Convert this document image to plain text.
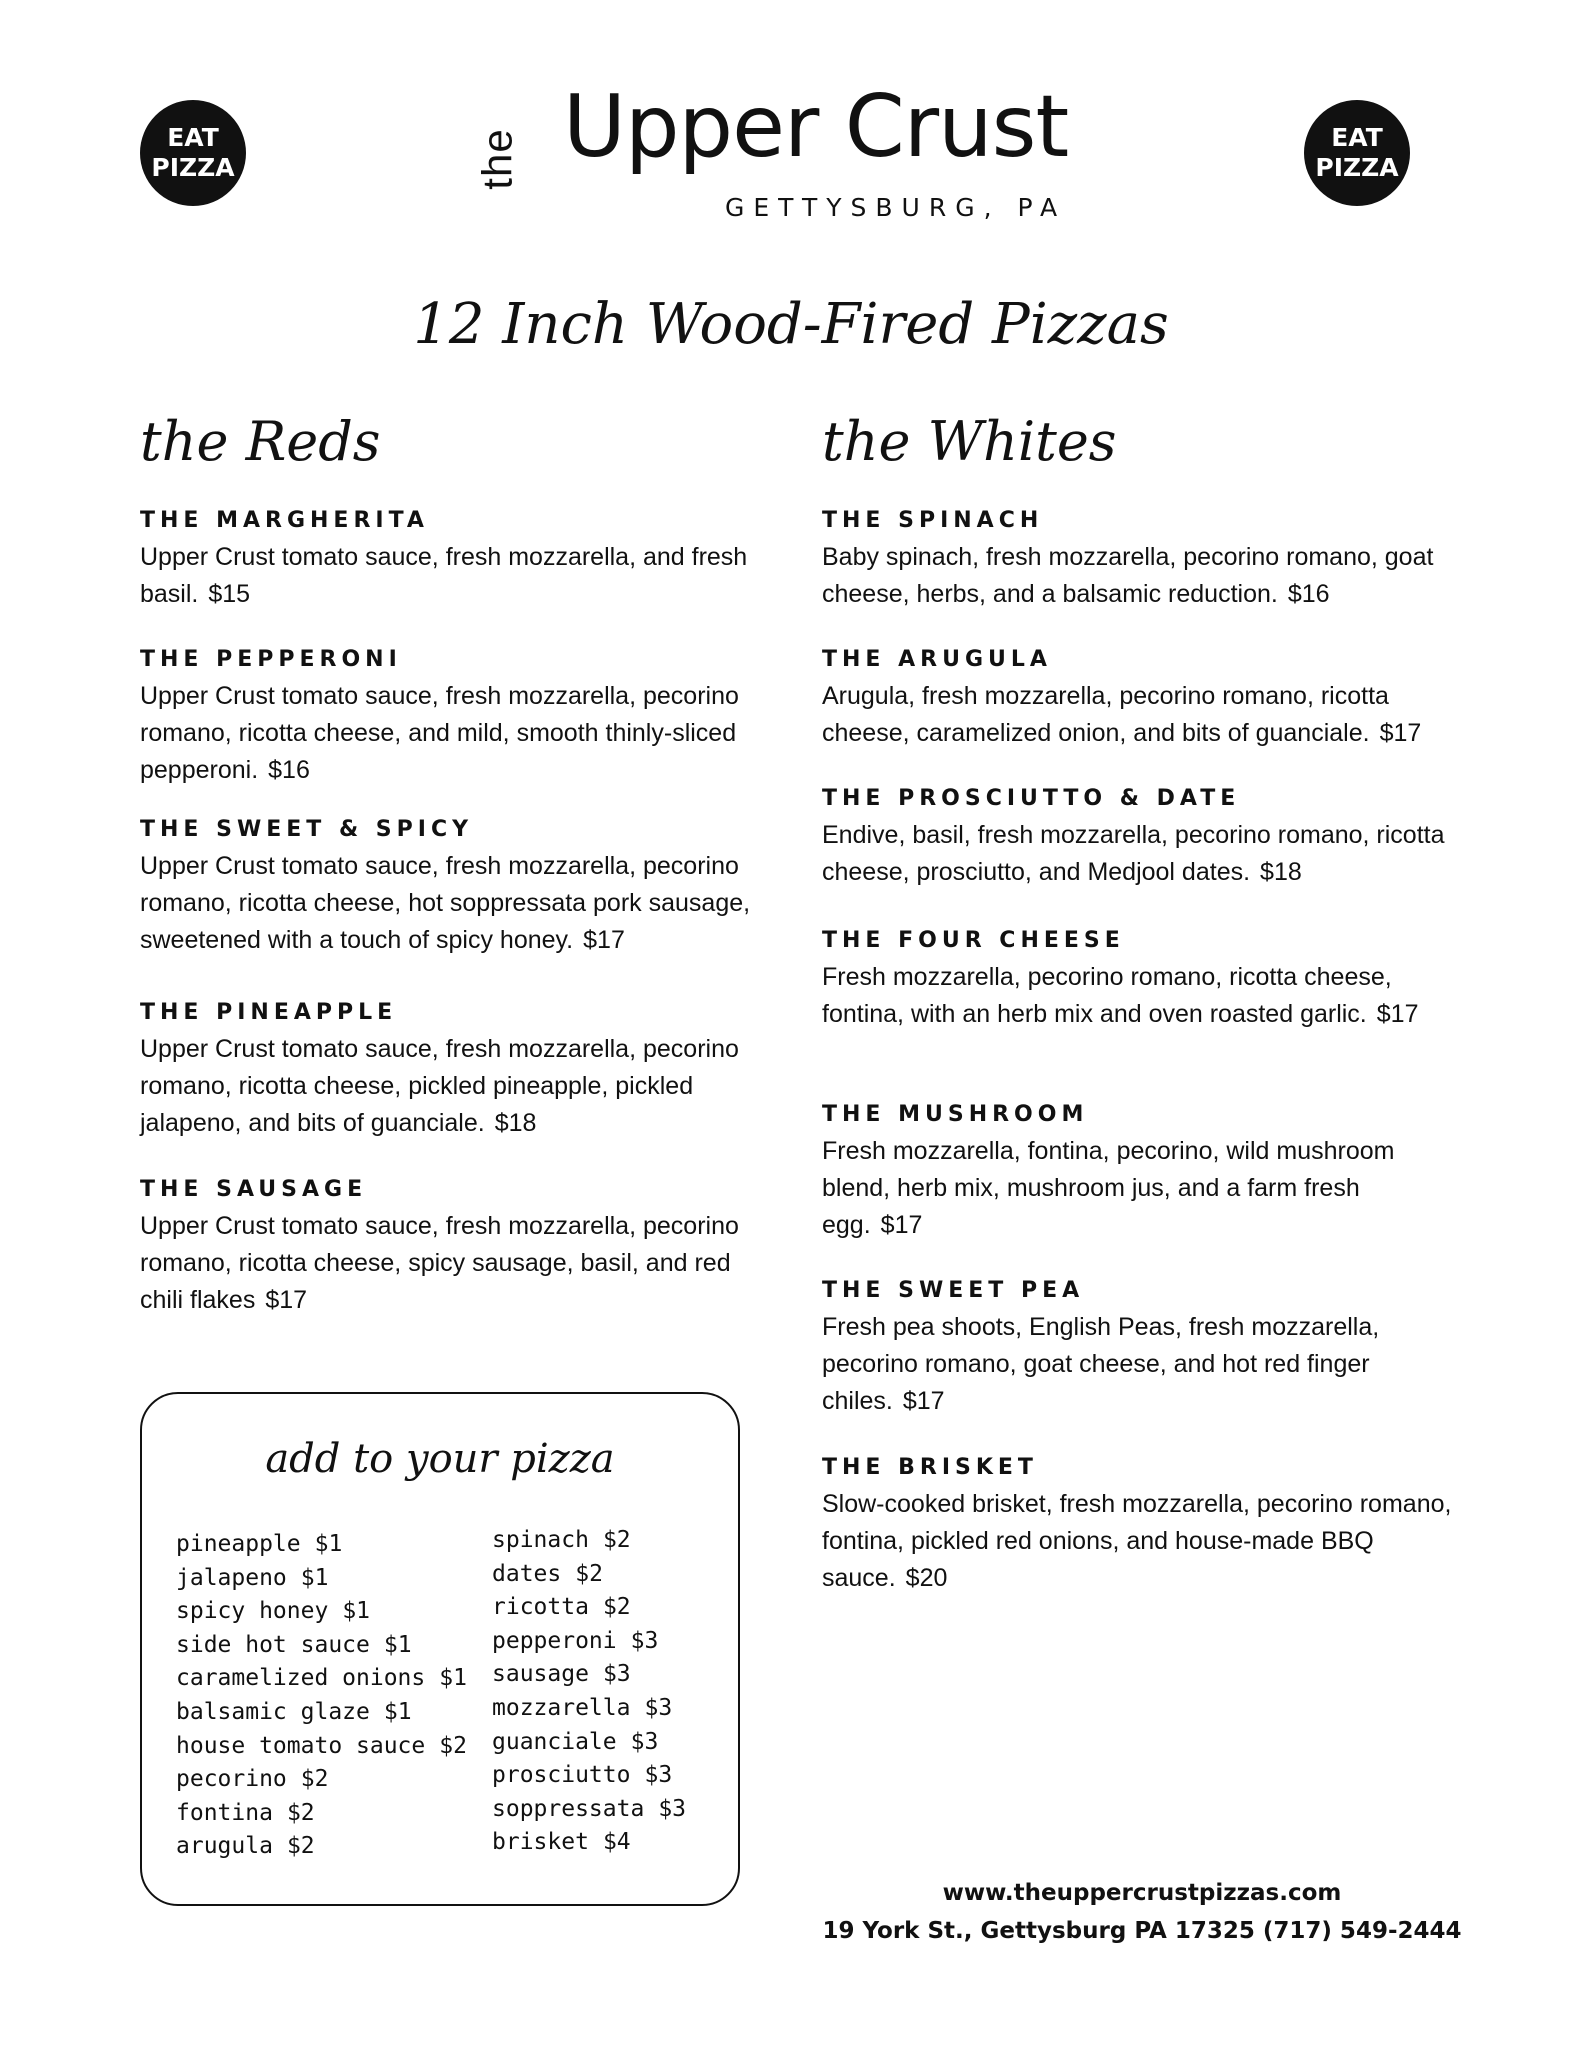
EAT
PIZZA
EAT
PIZZA
the Upper Crust
GETTYSBURG, PA
12 Inch Wood-Fired Pizzas
the Reds	the Whites
THE MARGHERITA
Upper Crust tomato sauce, fresh mozzarella, and fresh basil. $15
THE PEPPERONI
Upper Crust tomato sauce, fresh mozzarella, pecorino romano, ricotta cheese, and mild, smooth thinly-sliced pepperoni. $16
THE SWEET & SPICY
Upper Crust tomato sauce, fresh mozzarella, pecorino romano, ricotta cheese, hot soppressata pork sausage, sweetened with a touch of spicy honey. $17
THE PINEAPPLE
Upper Crust tomato sauce, fresh mozzarella, pecorino romano, ricotta cheese, pickled pineapple, pickled jalapeno, and bits of guanciale. $18
THE SAUSAGE
Upper Crust tomato sauce, fresh mozzarella, pecorino romano, ricotta cheese, spicy sausage, basil, and red chili flakes $17
THE SPINACH
Baby spinach, fresh mozzarella, pecorino romano, goat cheese, herbs, and a balsamic reduction. $16
THE ARUGULA
Arugula, fresh mozzarella, pecorino romano, ricotta cheese, caramelized onion, and bits of guanciale. $17
THE PROSCIUTTO & DATE
Endive, basil, fresh mozzarella, pecorino romano, ricotta cheese, prosciutto, and Medjool dates. $18
THE FOUR CHEESE
Fresh mozzarella, pecorino romano, ricotta cheese, fontina, with an herb mix and oven roasted garlic. $17
THE MUSHROOM
Fresh mozzarella, fontina, pecorino, wild mushroom blend, herb mix, mushroom jus, and a farm fresh egg. $17
THE SWEET PEA
Fresh pea shoots, English Peas, fresh mozzarella, pecorino romano, goat cheese, and hot red finger chiles. $17
THE BRISKET
Slow-cooked brisket, fresh mozzarella, pecorino romano, fontina, pickled red onions, and house-made BBQ sauce. $20
add to your pizza
pineapple $1
jalapeno $1
spicy honey $1
side hot sauce $1
caramelized onions $1
balsamic glaze $1
house tomato sauce $2
pecorino $2
fontina $2
arugula $2
spinach $2
dates $2
ricotta $2
pepperoni $3
sausage $3
mozzarella $3
guanciale $3
prosciutto $3
soppressata $3
brisket $4
www.theuppercrustpizzas.com
19 York St., Gettysburg PA 17325 (717) 549-2444
